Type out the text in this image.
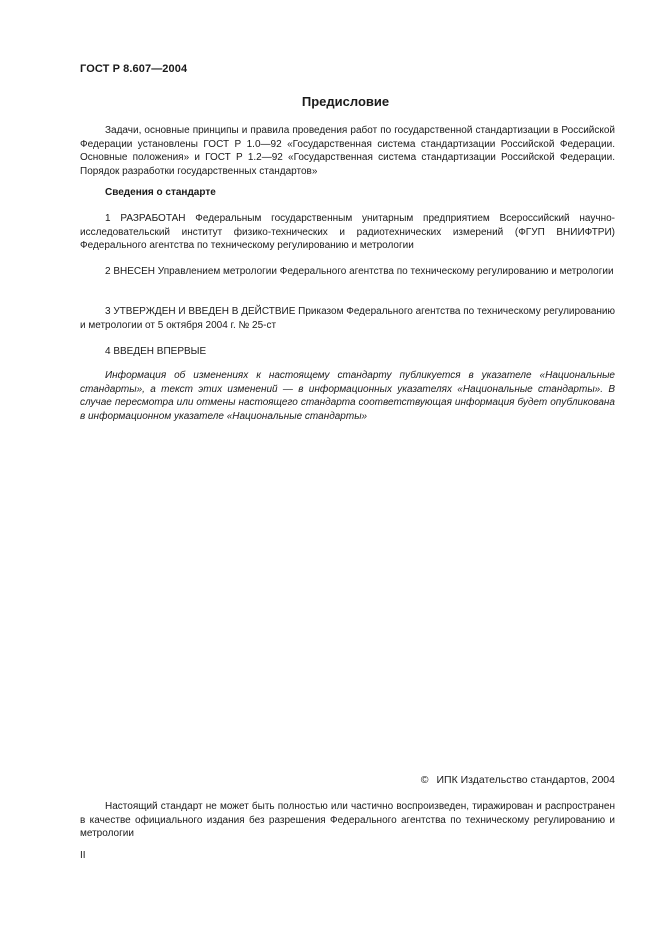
ГОСТ Р 8.607—2004
Предисловие
Задачи, основные принципы и правила проведения работ по государственной стандартизации в Российской Федерации установлены ГОСТ Р 1.0—92 «Государственная система стандартизации Российской Федерации. Основные положения» и ГОСТ Р 1.2—92 «Государственная система стандартизации Российской Федерации. Порядок разработки государственных стандартов»
Сведения о стандарте
1 РАЗРАБОТАН Федеральным государственным унитарным предприятием Всероссийский научно-исследовательский институт физико-технических и радиотехнических измерений (ФГУП ВНИИФТРИ) Федерального агентства по техническому регулированию и метрологии
2 ВНЕСЕН Управлением метрологии Федерального агентства по техническому регулированию и метрологии
3 УТВЕРЖДЕН И ВВЕДЕН В ДЕЙСТВИЕ Приказом Федерального агентства по техническому регулированию и метрологии от 5 октября 2004 г. № 25-ст
4 ВВЕДЕН ВПЕРВЫЕ
Информация об изменениях к настоящему стандарту публикуется в указателе «Национальные стандарты», а текст этих изменений — в информационных указателях «Национальные стандарты». В случае пересмотра или отмены настоящего стандарта соответствующая информация будет опубликована в информационном указателе «Национальные стандарты»
© ИПК Издательство стандартов, 2004
Настоящий стандарт не может быть полностью или частично воспроизведен, тиражирован и распространен в качестве официального издания без разрешения Федерального агентства по техническому регулированию и метрологии
II
